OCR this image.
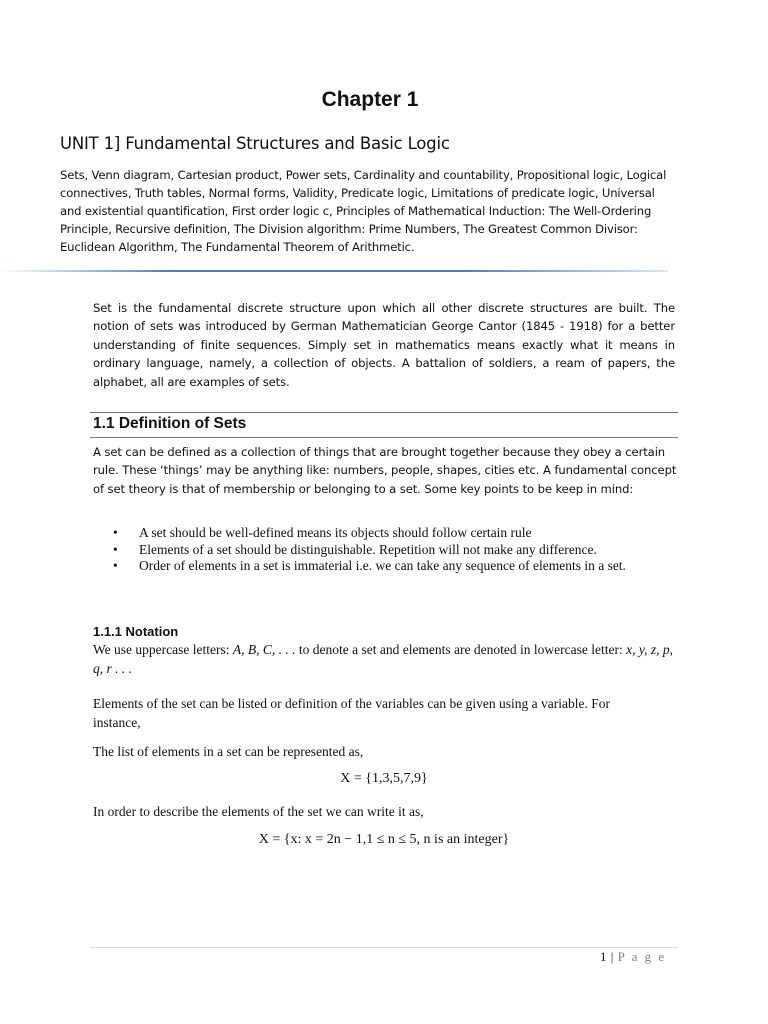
Chapter 1
UNIT 1] Fundamental Structures and Basic Logic
Sets, Venn diagram, Cartesian product, Power sets, Cardinality and countability, Propositional logic, Logical connectives, Truth tables, Normal forms, Validity, Predicate logic, Limitations of predicate logic, Universal and existential quantification, First order logic c, Principles of Mathematical Induction: The Well-Ordering Principle, Recursive definition, The Division algorithm: Prime Numbers, The Greatest Common Divisor: Euclidean Algorithm, The Fundamental Theorem of Arithmetic.
Set is the fundamental discrete structure upon which all other discrete structures are built. The notion of sets was introduced by German Mathematician George Cantor (1845 - 1918) for a better understanding of finite sequences. Simply set in mathematics means exactly what it means in ordinary language, namely, a collection of objects. A battalion of soldiers, a ream of papers, the alphabet, all are examples of sets.
1.1 Definition of Sets
A set can be defined as a collection of things that are brought together because they obey a certain rule. These ‘things’ may be anything like: numbers, people, shapes, cities etc. A fundamental concept of set theory is that of membership or belonging to a set. Some key points to be keep in mind:
• A set should be well-defined means its objects should follow certain rule
• Elements of a set should be distinguishable. Repetition will not make any difference.
• Order of elements in a set is immaterial i.e. we can take any sequence of elements in a set.
1.1.1 Notation
We use uppercase letters: A, B, C, . . . to denote a set and elements are denoted in lowercase letter: x, y, z, p, q, r . . .
Elements of the set can be listed or definition of the variables can be given using a variable. For instance,
The list of elements in a set can be represented as,
X = {1,3,5,7,9}
In order to describe the elements of the set we can write it as,
X = {x: x = 2n − 1,1 ≤ n ≤ 5, n is an integer}
1 | P a g e
